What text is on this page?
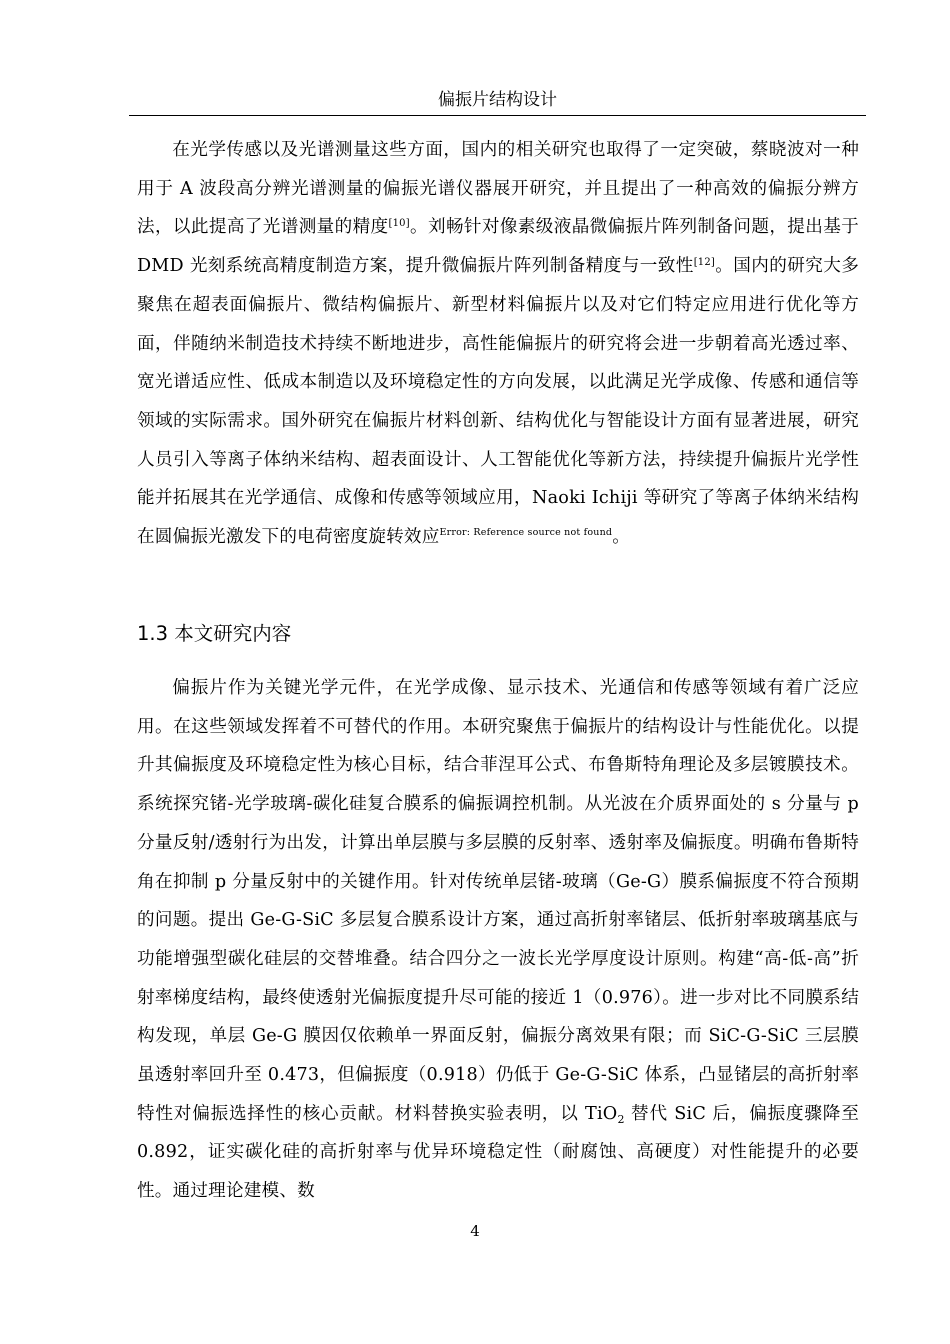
偏振片结构设计

在光学传感以及光谱测量这些方面，国内的相关研究也取得了一定突破，蔡晓波对一种用于 A 波段高分辨光谱测量的偏振光谱仪器展开研究，并且提出了一种高效的偏振分辨方法，以此提高了光谱测量的精度[10]。刘畅针对像素级液晶微偏振片阵列制备问题，提出基于 DMD 光刻系统高精度制造方案，提升微偏振片阵列制备精度与一致性[12]。国内的研究大多聚焦在超表面偏振片、微结构偏振片、新型材料偏振片以及对它们特定应用进行优化等方面，伴随纳米制造技术持续不断地进步，高性能偏振片的研究将会进一步朝着高光透过率、宽光谱适应性、低成本制造以及环境稳定性的方向发展，以此满足光学成像、传感和通信等领域的实际需求。国外研究在偏振片材料创新、结构优化与智能设计方面有显著进展，研究人员引入等离子体纳米结构、超表面设计、人工智能优化等新方法，持续提升偏振片光学性能并拓展其在光学通信、成像和传感等领域应用，Naoki Ichiji 等研究了等离子体纳米结构在圆偏振光激发下的电荷密度旋转效应$^{Error: Reference source not found}$。

1.3 本文研究内容

偏振片作为关键光学元件，在光学成像、显示技术、光通信和传感等领域有着广泛应用。在这些领域发挥着不可替代的作用。本研究聚焦于偏振片的结构设计与性能优化。以提升其偏振度及环境稳定性为核心目标，结合菲涅耳公式、布鲁斯特角理论及多层镀膜技术。系统探究锗-光学玻璃-碳化硅复合膜系的偏振调控机制。从光波在介质界面处的 s 分量与 p 分量反射/透射行为出发，计算出单层膜与多层膜的反射率、透射率及偏振度。明确布鲁斯特角在抑制 p 分量反射中的关键作用。针对传统单层锗-玻璃（Ge-G）膜系偏振度不符合预期的问题。提出 Ge-G-SiC 多层复合膜系设计方案，通过高折射率锗层、低折射率玻璃基底与功能增强型碳化硅层的交替堆叠。结合四分之一波长光学厚度设计原则。构建“高-低-高”折射率梯度结构，最终使透射光偏振度提升尽可能的接近 1（0.976）。进一步对比不同膜系结构发现，单层 Ge-G 膜因仅依赖单一界面反射，偏振分离效果有限；而 SiC-G-SiC 三层膜虽透射率回升至 0.473，但偏振度（0.918）仍低于 Ge-G-SiC 体系，凸显锗层的高折射率特性对偏振选择性的核心贡献。材料替换实验表明，以 TiO$_2$ 替代 SiC 后，偏振度骤降至 0.892，证实碳化硅的高折射率与优异环境稳定性（耐腐蚀、高硬度）对性能提升的必要性。通过理论建模、数

4
